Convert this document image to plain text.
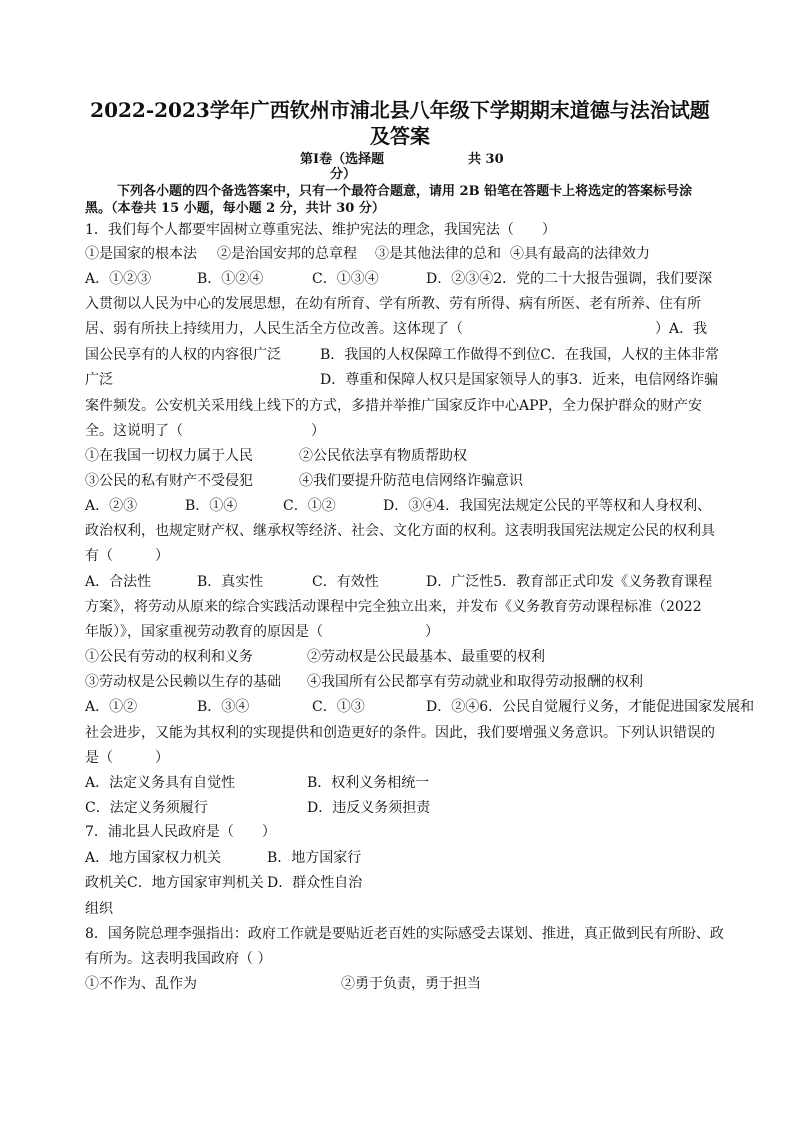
2022-2023学年广西钦州市浦北县八年级下学期期末道德与法治试题
及答案
第Ⅰ卷（选择题	共 30
分）
下列各小题的四个备选答案中，只有一个最符合题意，请用 2B 铅笔在答题卡上将选定的答案标号涂黑。（本卷共 15 小题，每小题 2 分，共计 30 分）
1．我们每个人都要牢固树立尊重宪法、维护宪法的理念，我国宪法（　　）
①是国家的根本法 ②是治国安邦的总章程 ③是其他法律的总和 ④具有最高的法律效力
A．①②③	B．①②④	C．①③④	D．②③④2．党的二十大报告强调，我们要深
入贯彻以人民为中心的发展思想，在幼有所育、学有所教、劳有所得、病有所医、老有所养、住有所
居、弱有所扶上持续用力，人民生活全方位改善。这体现了（	）A．我
国公民享有的人权的内容很广泛	B．我国的人权保障工作做得不到位C．在我国，人权的主体非常
广泛	D．尊重和保障人权只是国家领导人的事3．近来，电信网络诈骗
案件频发。公安机关采用线上线下的方式，多措并举推广国家反诈中心APP，全力保护群众的财产安
全。这说明了（	）
①在我国一切权力属于人民	②公民依法享有物质帮助权
③公民的私有财产不受侵犯	④我们要提升防范电信网络诈骗意识
A．②③	B．①④	C．①②	D．③④4．我国宪法规定公民的平等权和人身权利、
政治权利，也规定财产权、继承权等经济、社会、文化方面的权利。这表明我国宪法规定公民的权利具
有（　　　）
A．合法性	B．真实性	C．有效性	D．广泛性5．教育部正式印发《义务教育课程
方案》，将劳动从原来的综合实践活动课程中完全独立出来，并发布《义务教育劳动课程标准（2022
年版）》，国家重视劳动教育的原因是（	）
①公民有劳动的权利和义务	②劳动权是公民最基本、最重要的权利
③劳动权是公民赖以生存的基础 ④我国所有公民都享有劳动就业和取得劳动报酬的权利
A．①②	B．③④	C．①③	D．②④6．公民自觉履行义务，才能促进国家发展和
社会进步，又能为其权利的实现提供和创造更好的条件。因此，我们要增强义务意识。下列认识错误的
是（　　　）
A．法定义务具有自觉性	B．权利义务相统一
C．法定义务须履行	D．违反义务须担责
7．浦北县人民政府是（　　）
A．地方国家权力机关	B．地方国家行
政机关C．地方国家审判机关 D．群众性自治
组织
8．国务院总理李强指出：政府工作就是要贴近老百姓的实际感受去谋划、推进，真正做到民有所盼、政
有所为。这表明我国政府（ ）
①不作为、乱作为	②勇于负责，勇于担当
